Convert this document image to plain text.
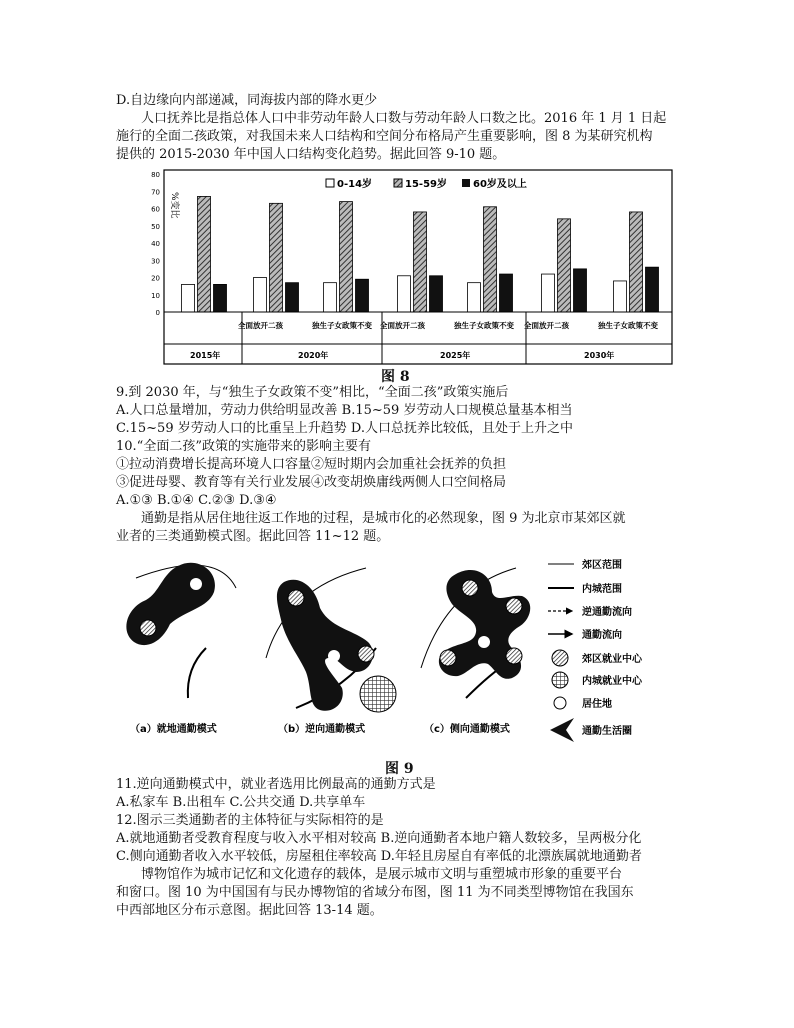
D.自边缘向内部递减，同海拔内部的降水更少
人口抚养比是指总体人口中非劳动年龄人口数与劳动年龄人口数之比。2016 年 1 月 1 日起
施行的全面二孩政策，对我国未来人口结构和空间分布格局产生重要影响，图 8 为某研究机构
提供的 2015-2030 年中国人口结构变化趋势。据此回答 9-10 题。
0
10
20
30
40
50
60
70
80
%变比
0-14岁	15-59岁	60岁及以上
全面放开二孩	独生子女政策不变 全面放开二孩	独生子女政策不变 全面放开二孩	独生子女政策不变
2015年	2020年	2025年	2030年
图 8
9.到 2030 年，与“独生子女政策不变”相比，“全面二孩”政策实施后
A.人口总量增加，劳动力供给明显改善 B.15~59 岁劳动人口规模总量基本相当
C.15~59 岁劳动人口的比重呈上升趋势 D.人口总抚养比较低，且处于上升之中
10.“全面二孩”政策的实施带来的影响主要有
①拉动消费增长提高环境人口容量②短时期内会加重社会抚养的负担
③促进母婴、教育等有关行业发展④改变胡焕庸线两侧人口空间格局
A.①③ B.①④ C.②③ D.③④
通勤是指从居住地往返工作地的过程，是城市化的必然现象，图 9 为北京市某郊区就
业者的三类通勤模式图。据此回答 11~12 题。
（a）就地通勤模式	（b）逆向通勤模式	（c）侧向通勤模式
郊区范围
内城范围
逆通勤流向
通勤流向
郊区就业中心
内城就业中心
居住地
通勤生活圈
图 9
11.逆向通勤模式中，就业者选用比例最高的通勤方式是
A.私家车 B.出租车 C.公共交通 D.共享单车
12.图示三类通勤者的主体特征与实际相符的是
A.就地通勤者受教育程度与收入水平相对较高 B.逆向通勤者本地户籍人数较多，呈两极分化
C.侧向通勤者收入水平较低，房屋租住率较高 D.年轻且房屋自有率低的北漂族属就地通勤者
博物馆作为城市记忆和文化遗存的载体，是展示城市文明与重塑城市形象的重要平台
和窗口。图 10 为中国国有与民办博物馆的省域分布图，图 11 为不同类型博物馆在我国东
中西部地区分布示意图。据此回答 13-14 题。
